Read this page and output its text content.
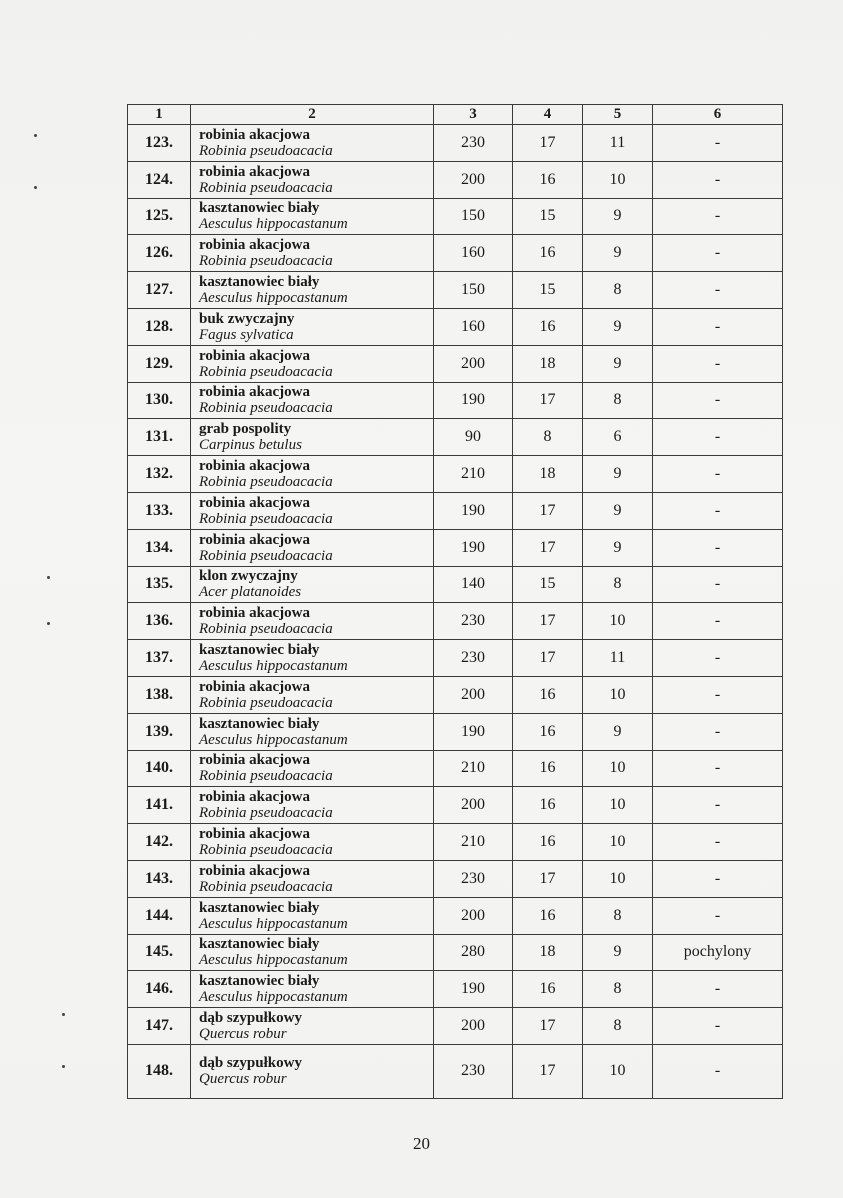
1	2	3	4	5	6
123.	robinia akacjowa
Robinia pseudoacacia	230	17	11	-
124.	robinia akacjowa
Robinia pseudoacacia	200	16	10	-
125.	kasztanowiec biały
Aesculus hippocastanum	150	15	9	-
126.	robinia akacjowa
Robinia pseudoacacia	160	16	9	-
127.	kasztanowiec biały
Aesculus hippocastanum	150	15	8	-
128.	buk zwyczajny
Fagus sylvatica	160	16	9	-
129.	robinia akacjowa
Robinia pseudoacacia	200	18	9	-
130.	robinia akacjowa
Robinia pseudoacacia	190	17	8	-
131.	grab pospolity
Carpinus betulus	90	8	6	-
132.	robinia akacjowa
Robinia pseudoacacia	210	18	9	-
133.	robinia akacjowa
Robinia pseudoacacia	190	17	9	-
134.	robinia akacjowa
Robinia pseudoacacia	190	17	9	-
135.	klon zwyczajny
Acer platanoides	140	15	8	-
136.	robinia akacjowa
Robinia pseudoacacia	230	17	10	-
137.	kasztanowiec biały
Aesculus hippocastanum	230	17	11	-
138.	robinia akacjowa
Robinia pseudoacacia	200	16	10	-
139.	kasztanowiec biały
Aesculus hippocastanum	190	16	9	-
140.	robinia akacjowa
Robinia pseudoacacia	210	16	10	-
141.	robinia akacjowa
Robinia pseudoacacia	200	16	10	-
142.	robinia akacjowa
Robinia pseudoacacia	210	16	10	-
143.	robinia akacjowa
Robinia pseudoacacia	230	17	10	-
144.	kasztanowiec biały
Aesculus hippocastanum	200	16	8	-
145.	kasztanowiec biały
Aesculus hippocastanum	280	18	9	pochylony
146.	kasztanowiec biały
Aesculus hippocastanum	190	16	8	-
147.	dąb szypułkowy
Quercus robur	200	17	8	-
148.	dąb szypułkowy
Quercus robur	230	17	10	-
20
